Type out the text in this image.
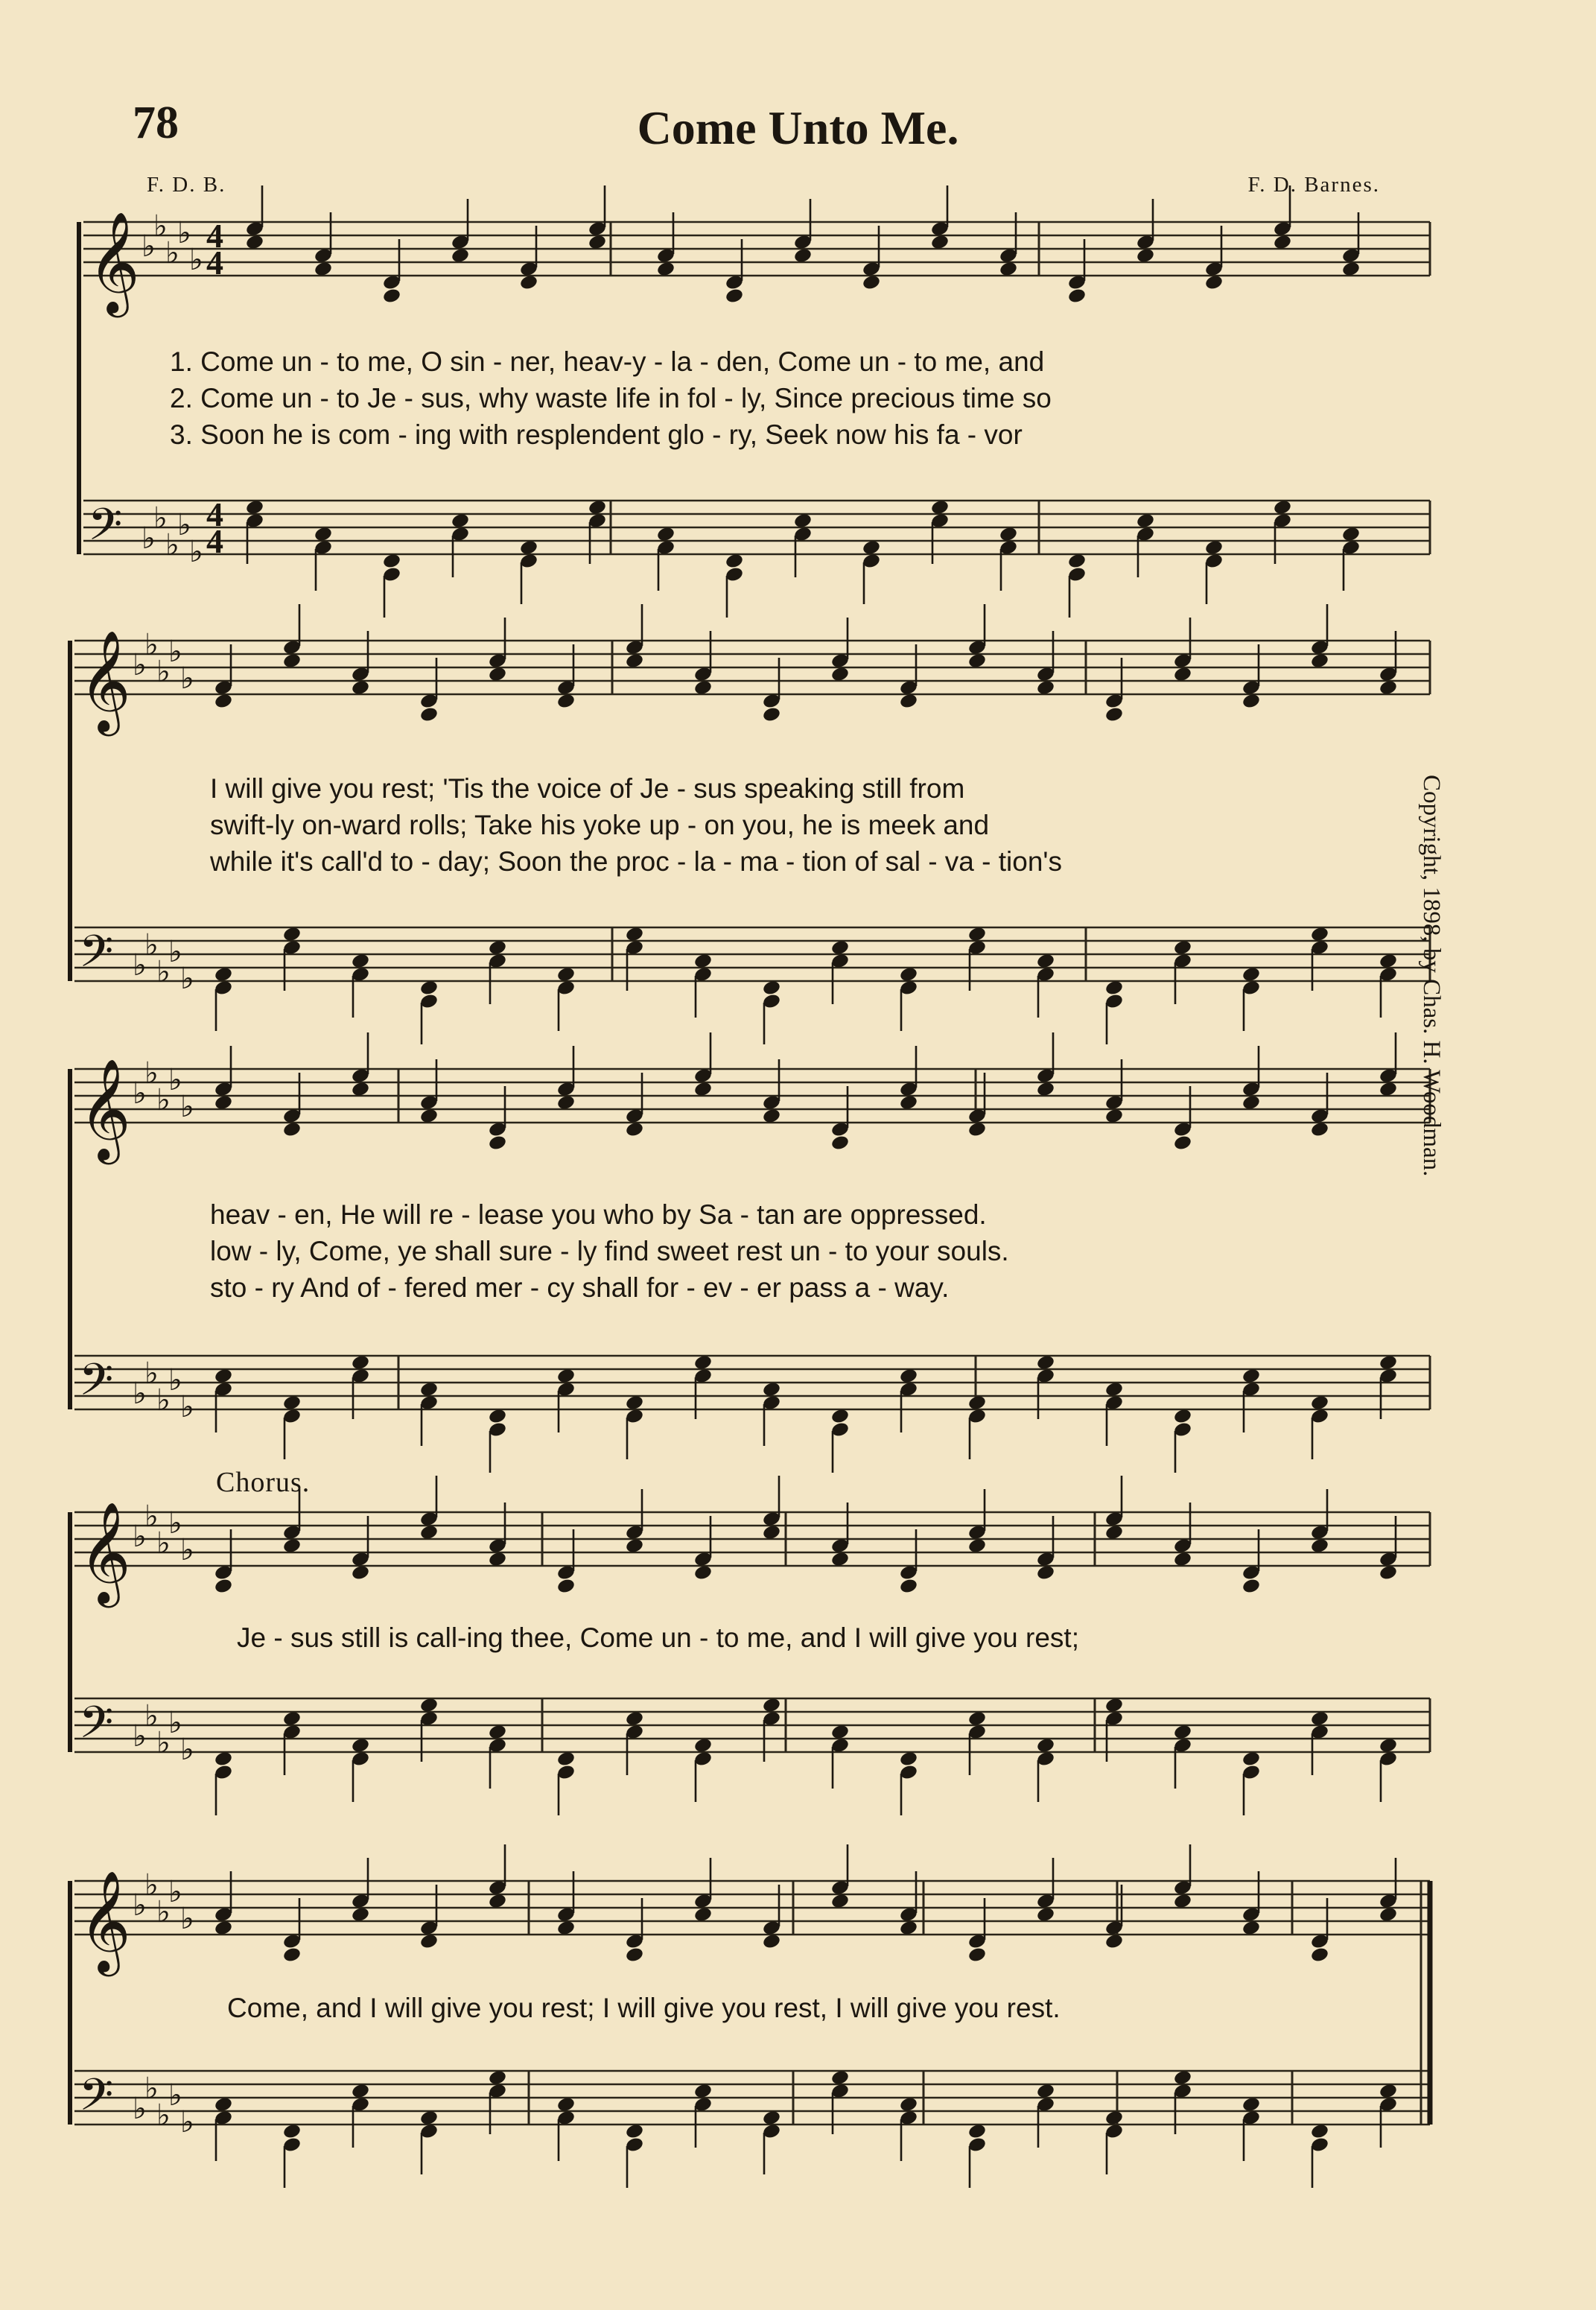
78	Come Unto Me.
F. D. B.	F. D. Barnes.
𝄞 ♭
♭
♭
♭
♭
4
4
𝄢 ♭
♭
♭
♭
♭
4
4
𝄞 ♭
♭
♭
♭
♭
𝄢 ♭
♭
♭
♭
♭
𝄞 ♭
♭
♭
♭
♭
𝄢 ♭
♭
♭
♭
♭
𝄞 ♭
♭
♭
♭
♭
𝄢 ♭
♭
♭
♭
♭
𝄞 ♭
♭
♭
♭
♭
𝄢 ♭
♭
♭
♭
♭
1. Come un - to me, O sin - ner, heav-y - la - den, Come un - to me, and
2. Come un - to Je - sus, why waste life in fol - ly, Since precious time so
3. Soon he is com - ing with resplendent glo - ry, Seek now his fa - vor
I will give you rest; 'Tis the voice of Je - sus speaking still from
swift-ly on-ward rolls; Take his yoke up - on you, he is meek and
while it's call'd to - day; Soon the proc - la - ma - tion of sal - va - tion's
heav - en, He will re - lease you who by Sa - tan are oppressed.
low - ly, Come, ye shall sure - ly find sweet rest un - to your souls.
sto - ry And of - fered mer - cy shall for - ev - er pass a - way.
Chorus.
Je - sus still is call-ing thee, Come un - to me, and I will give you rest;
Come, and I will give you rest; I will give you rest, I will give you rest.
Copyright, 1898, by Chas. H. Woodman.
